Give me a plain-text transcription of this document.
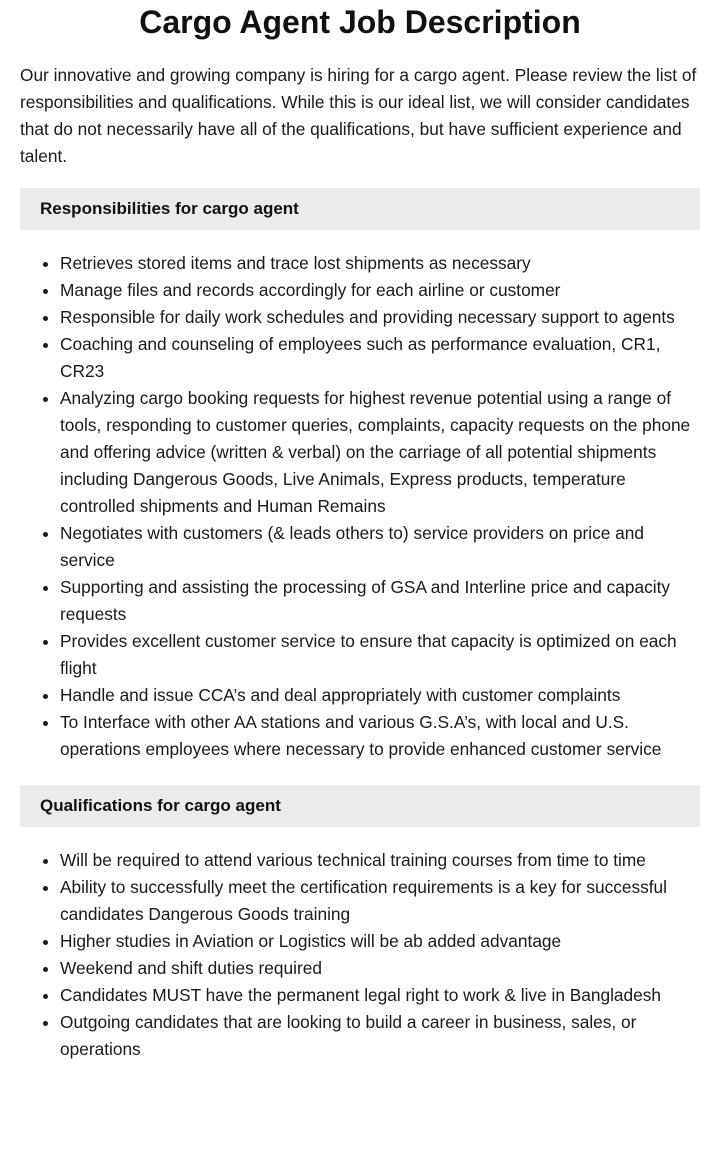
Cargo Agent Job Description

Our innovative and growing company is hiring for a cargo agent. Please review the list of responsibilities and qualifications. While this is our ideal list, we will consider candidates that do not necessarily have all of the qualifications, but have sufficient experience and talent.

Responsibilities for cargo agent
• Retrieves stored items and trace lost shipments as necessary
• Manage files and records accordingly for each airline or customer
• Responsible for daily work schedules and providing necessary support to agents
• Coaching and counseling of employees such as performance evaluation, CR1, CR23
• Analyzing cargo booking requests for highest revenue potential using a range of tools, responding to customer queries, complaints, capacity requests on the phone and offering advice (written & verbal) on the carriage of all potential shipments including Dangerous Goods, Live Animals, Express products, temperature controlled shipments and Human Remains
• Negotiates with customers (& leads others to) service providers on price and service
• Supporting and assisting the processing of GSA and Interline price and capacity requests
• Provides excellent customer service to ensure that capacity is optimized on each flight
• Handle and issue CCA’s and deal appropriately with customer complaints
• To Interface with other AA stations and various G.S.A’s, with local and U.S. operations employees where necessary to provide enhanced customer service
Qualifications for cargo agent
• Will be required to attend various technical training courses from time to time
• Ability to successfully meet the certification requirements is a key for successful candidates Dangerous Goods training
• Higher studies in Aviation or Logistics will be ab added advantage
• Weekend and shift duties required
• Candidates MUST have the permanent legal right to work & live in Bangladesh
• Outgoing candidates that are looking to build a career in business, sales, or operations
